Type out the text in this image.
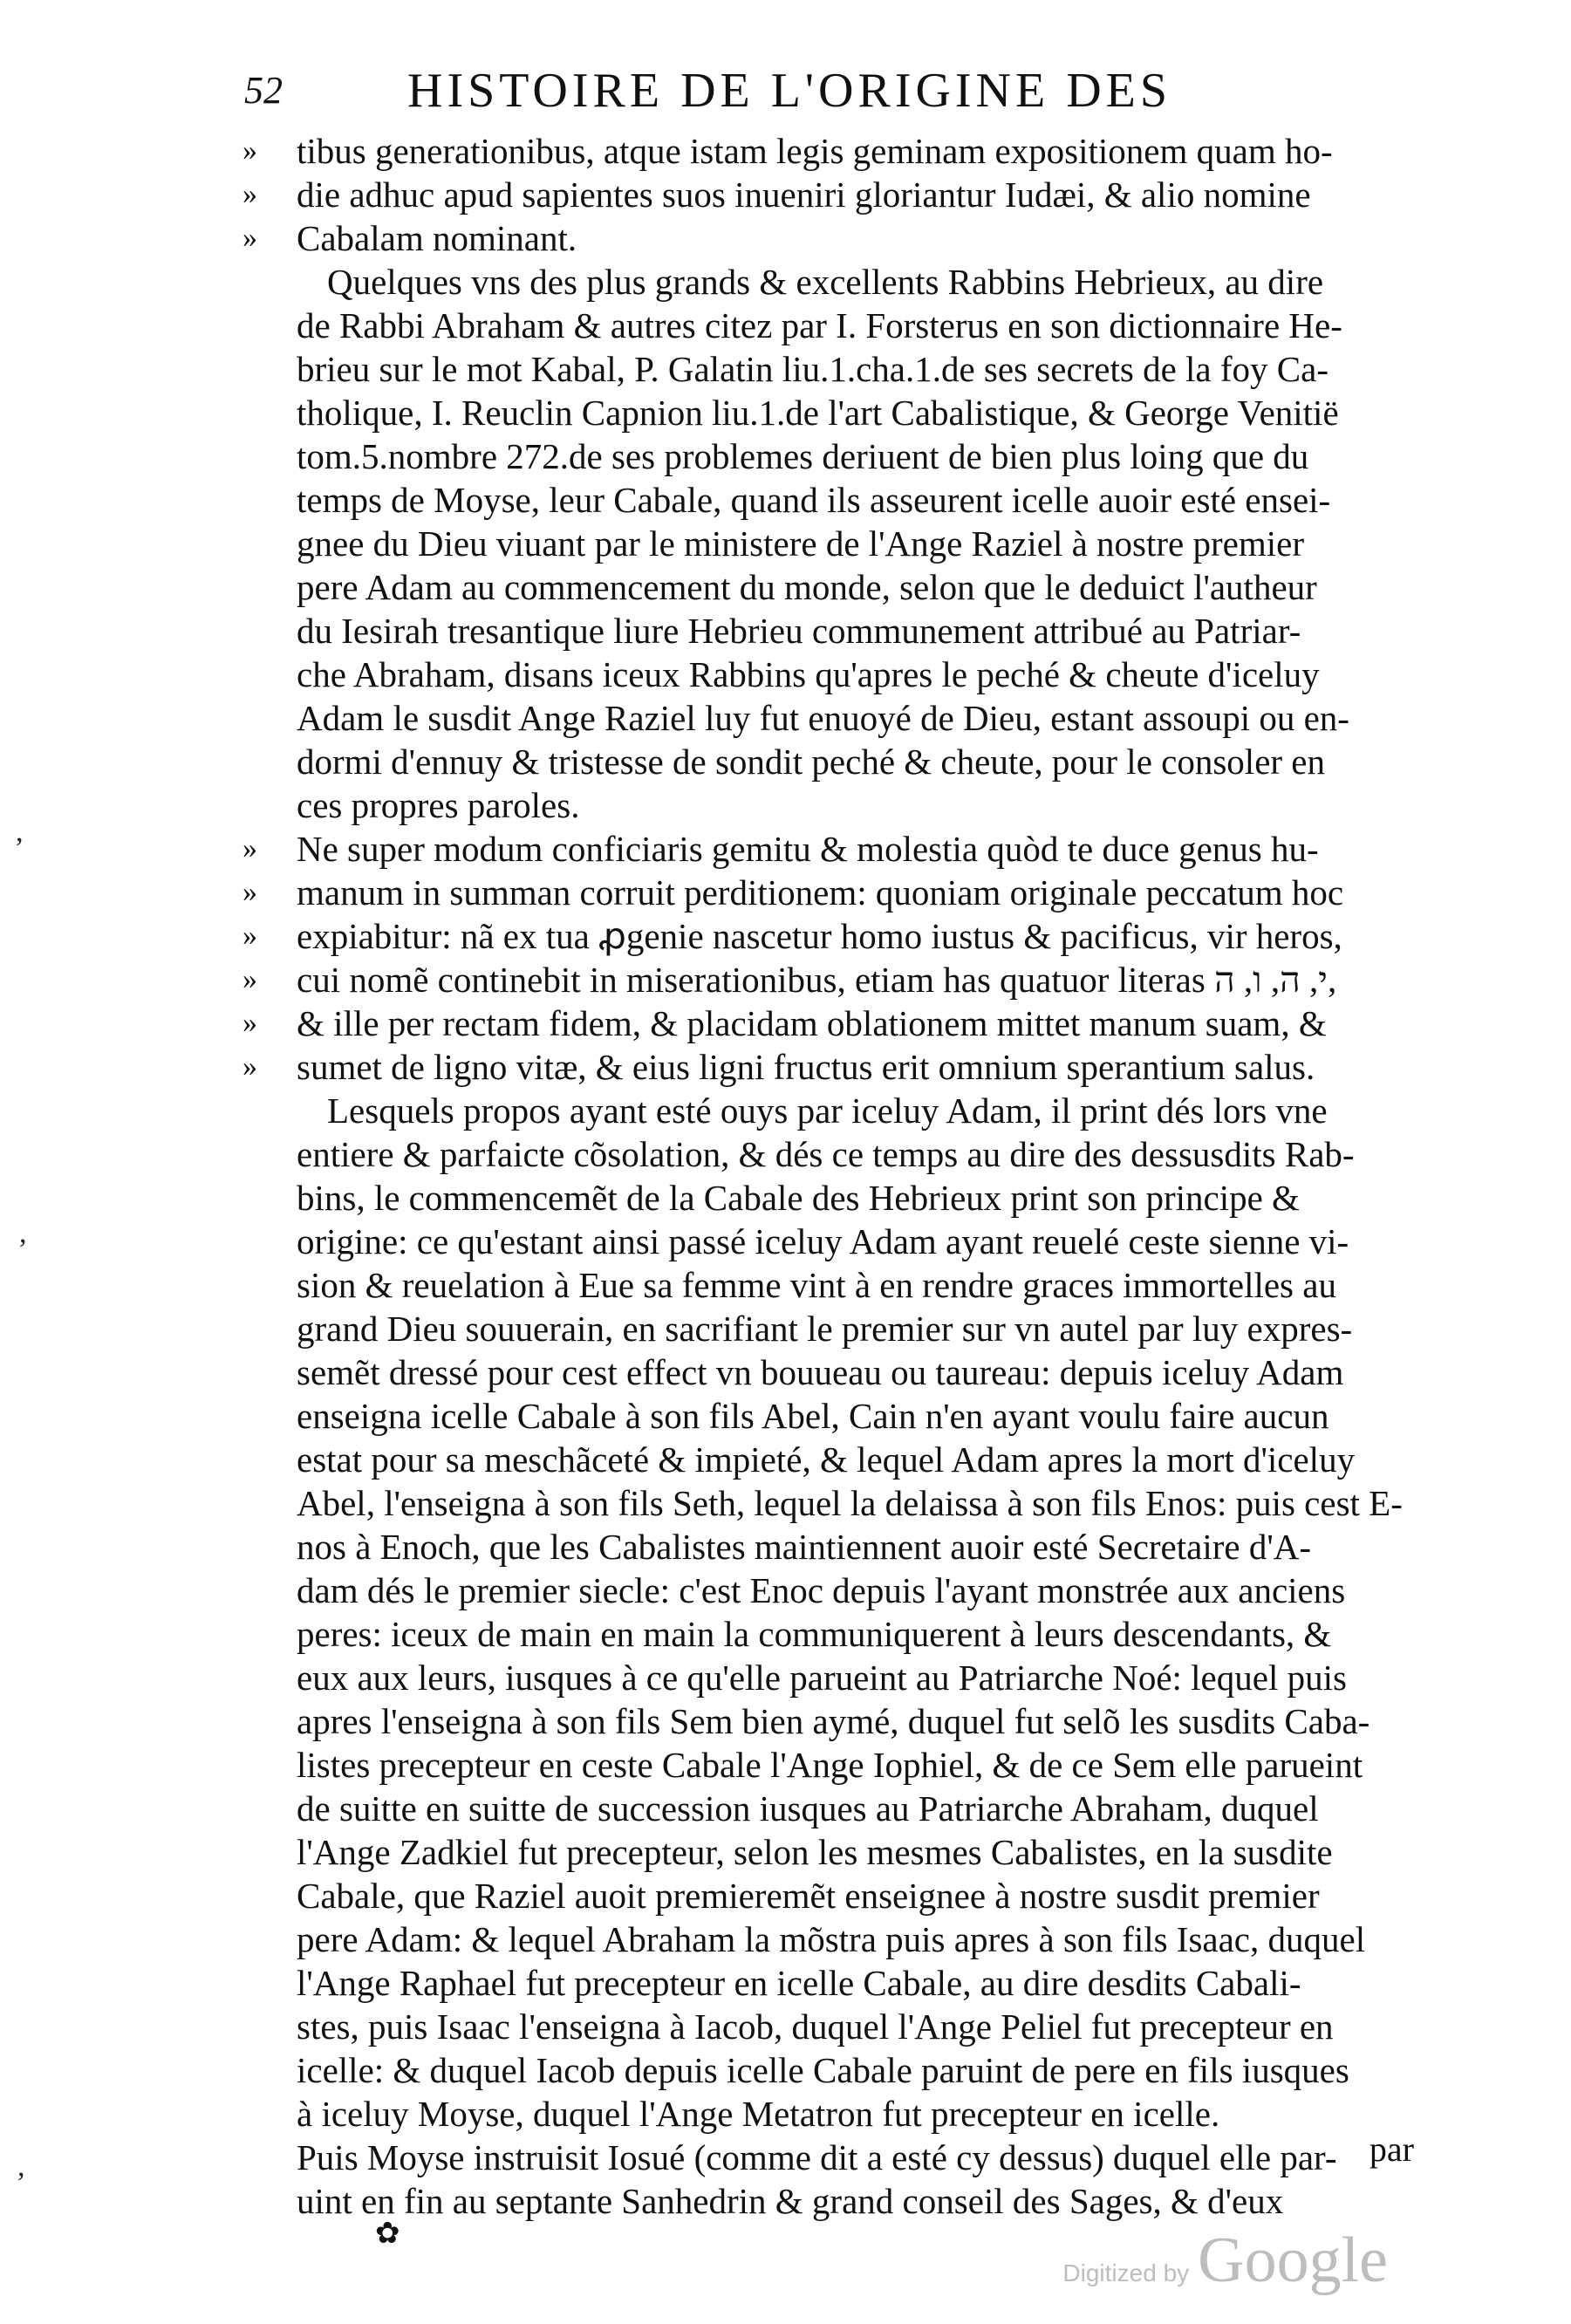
52	HISTOIRE DE L'ORIGINE DES
»	tibus generationibus, atque istam legis geminam expositionem quam ho-
»	die adhuc apud sapientes suos inueniri gloriantur Iudæi, & alio nomine
»	Cabalam nominant.
Quelques vns des plus grands & excellents Rabbins Hebrieux, au dire
de Rabbi Abraham & autres citez par I. Forsterus en son dictionnaire He-
brieu sur le mot Kabal, P. Galatin liu.1.cha.1.de ses secrets de la foy Ca-
tholique, I. Reuclin Capnion liu.1.de l'art Cabalistique, & George Venitië
tom.5.nombre 272.de ses problemes deriuent de bien plus loing que du
temps de Moyse, leur Cabale, quand ils asseurent icelle auoir esté ensei-
gnee du Dieu viuant par le ministere de l'Ange Raziel à nostre premier
pere Adam au commencement du monde, selon que le deduict l'autheur
du Iesirah tresantique liure Hebrieu communement attribué au Patriar-
che Abraham, disans iceux Rabbins qu'apres le peché & cheute d'iceluy
Adam le susdit Ange Raziel luy fut enuoyé de Dieu, estant assoupi ou en-
dormi d'ennuy & tristesse de sondit peché & cheute, pour le consoler en
ces propres paroles.
»	Ne super modum conficiaris gemitu & molestia quòd te duce genus hu-
»	manum in summan corruit perditionem: quoniam originale peccatum hoc
»	expiabitur: nã ex tua ꝓgenie nascetur homo iustus & pacificus, vir heros,
»	cui nomẽ continebit in miserationibus, etiam has quatuor literas י, ה, ו, ה,
»	& ille per rectam fidem, & placidam oblationem mittet manum suam, &
»	sumet de ligno vitæ, & eius ligni fructus erit omnium sperantium salus.
Lesquels propos ayant esté ouys par iceluy Adam, il print dés lors vne
entiere & parfaicte cõsolation, & dés ce temps au dire des dessusdits Rab-
bins, le commencemẽt de la Cabale des Hebrieux print son principe &
origine: ce qu'estant ainsi passé iceluy Adam ayant reuelé ceste sienne vi-
sion & reuelation à Eue sa femme vint à en rendre graces immortelles au
grand Dieu souuerain, en sacrifiant le premier sur vn autel par luy expres-
semẽt dressé pour cest effect vn bouueau ou taureau: depuis iceluy Adam
enseigna icelle Cabale à son fils Abel, Cain n'en ayant voulu faire aucun
estat pour sa meschãceté & impieté, & lequel Adam apres la mort d'iceluy
Abel, l'enseigna à son fils Seth, lequel la delaissa à son fils Enos: puis cest E-
nos à Enoch, que les Cabalistes maintiennent auoir esté Secretaire d'A-
dam dés le premier siecle: c'est Enoc depuis l'ayant monstrée aux anciens
peres: iceux de main en main la communiquerent à leurs descendants, &
eux aux leurs, iusques à ce qu'elle parueint au Patriarche Noé: lequel puis
apres l'enseigna à son fils Sem bien aymé, duquel fut selõ les susdits Caba-
listes precepteur en ceste Cabale l'Ange Iophiel, & de ce Sem elle parueint
de suitte en suitte de succession iusques au Patriarche Abraham, duquel
l'Ange Zadkiel fut precepteur, selon les mesmes Cabalistes, en la susdite
Cabale, que Raziel auoit premieremẽt enseignee à nostre susdit premier
pere Adam: & lequel Abraham la mõstra puis apres à son fils Isaac, duquel
l'Ange Raphael fut precepteur en icelle Cabale, au dire desdits Cabali-
stes, puis Isaac l'enseigna à Iacob, duquel l'Ange Peliel fut precepteur en
icelle: & duquel Iacob depuis icelle Cabale paruint de pere en fils iusques
à iceluy Moyse, duquel l'Ange Metatron fut precepteur en icelle.
Puis Moyse instruisit Iosué (comme dit a esté cy dessus) duquel elle par-
uint en fin au septante Sanhedrin & grand conseil des Sages, & d'eux
,
,
,	par
✿
Digitized by Google
